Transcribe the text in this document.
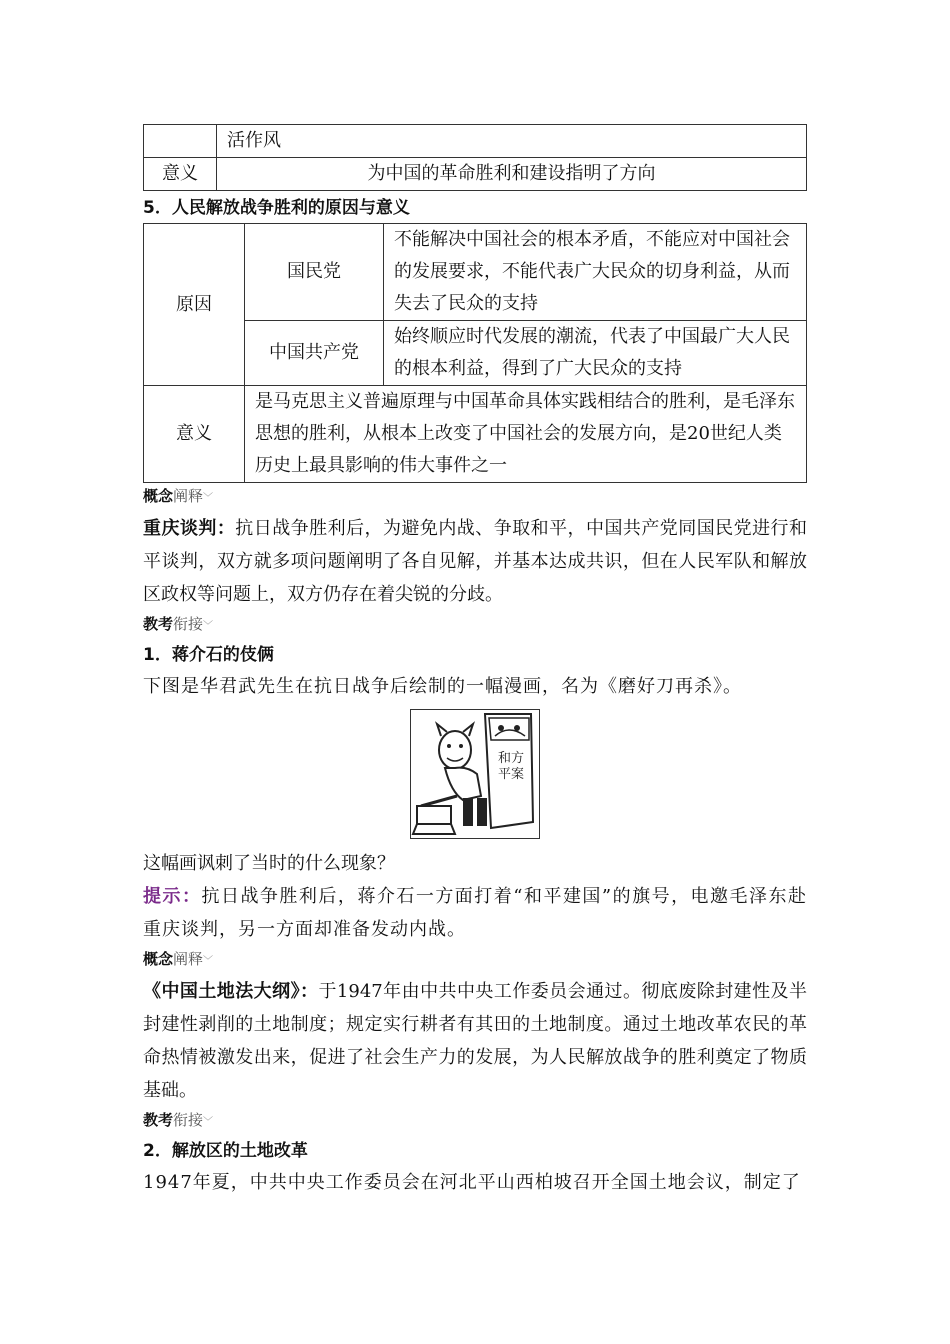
	活作风
意义	为中国的革命胜利和建设指明了方向

5．人民解放战争胜利的原因与意义

原因	国民党	不能解决中国社会的根本矛盾，不能应对中国社会的发展要求，不能代表广大民众的切身利益，从而失去了民众的支持
	中国共产党	始终顺应时代发展的潮流，代表了中国最广大人民的根本利益，得到了广大民众的支持
意义	是马克思主义普遍原理与中国革命具体实践相结合的胜利，是毛泽东思想的胜利，从根本上改变了中国社会的发展方向，是20世纪人类历史上最具影响的伟大事件之一	
概念阐释﹀

重庆谈判：抗日战争胜利后，为避免内战、争取和平，中国共产党同国民党进行和平谈判，双方就多项问题阐明了各自见解，并基本达成共识，但在人民军队和解放区政权等问题上，双方仍存在着尖锐的分歧。

教考衔接﹀

1．蒋介石的伎俩

下图是华君武先生在抗日战争后绘制的一幅漫画，名为《磨好刀再杀》。

和方
平案

这幅画讽刺了当时的什么现象？

提示：抗日战争胜利后，蒋介石一方面打着“和平建国”的旗号，电邀毛泽东赴重庆谈判，另一方面却准备发动内战。

概念阐释﹀

《中国土地法大纲》：于1947年由中共中央工作委员会通过。彻底废除封建性及半封建性剥削的土地制度；规定实行耕者有其田的土地制度。通过土地改革农民的革命热情被激发出来，促进了社会生产力的发展，为人民解放战争的胜利奠定了物质基础。

教考衔接﹀

2．解放区的土地改革

1947年夏，中共中央工作委员会在河北平山西柏坡召开全国土地会议，制定了
